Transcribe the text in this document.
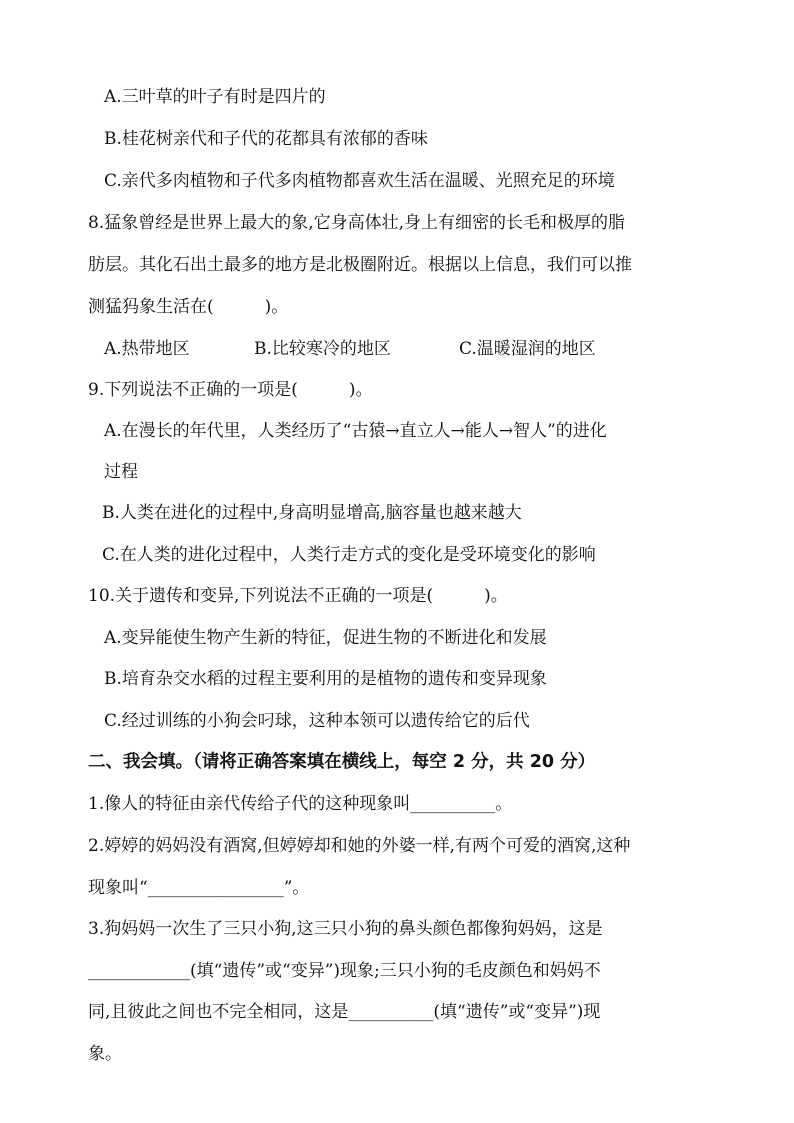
A.三叶草的叶子有时是四片的
B.桂花树亲代和子代的花都具有浓郁的香味
C.亲代多肉植物和子代多肉植物都喜欢生活在温暖、光照充足的环境
8.猛象曾经是世界上最大的象,它身高体壮,身上有细密的长毛和极厚的脂
肪层。其化石出土最多的地方是北极圈附近。根据以上信息，我们可以推
测猛犸象生活在(　　　)。
A.热带地区	B.比较寒冷的地区	C.温暖湿润的地区
9.下列说法不正确的一项是(　　　)。
A.在漫长的年代里，人类经历了“古猿→直立人→能人→智人”的进化
过程
B.人类在进化的过程中,身高明显增高,脑容量也越来越大
C.在人类的进化过程中，人类行走方式的变化是受环境变化的影响
10.关于遗传和变异,下列说法不正确的一项是(　　　)。
A.变异能使生物产生新的特征，促进生物的不断进化和发展
B.培育杂交水稻的过程主要利用的是植物的遗传和变异现象
C.经过训练的小狗会叼球，这种本领可以遗传给它的后代
二、我会填。（请将正确答案填在横线上，每空 2 分，共 20 分）
1.像人的特征由亲代传给子代的这种现象叫__________。
2.婷婷的妈妈没有酒窝,但婷婷却和她的外婆一样,有两个可爱的酒窝,这种
现象叫“________________”。
3.狗妈妈一次生了三只小狗,这三只小狗的鼻头颜色都像狗妈妈，这是
____________(填“遗传”或“变异”)现象;三只小狗的毛皮颜色和妈妈不
同,且彼此之间也不完全相同，这是__________(填“遗传”或“变异”)现
象。
